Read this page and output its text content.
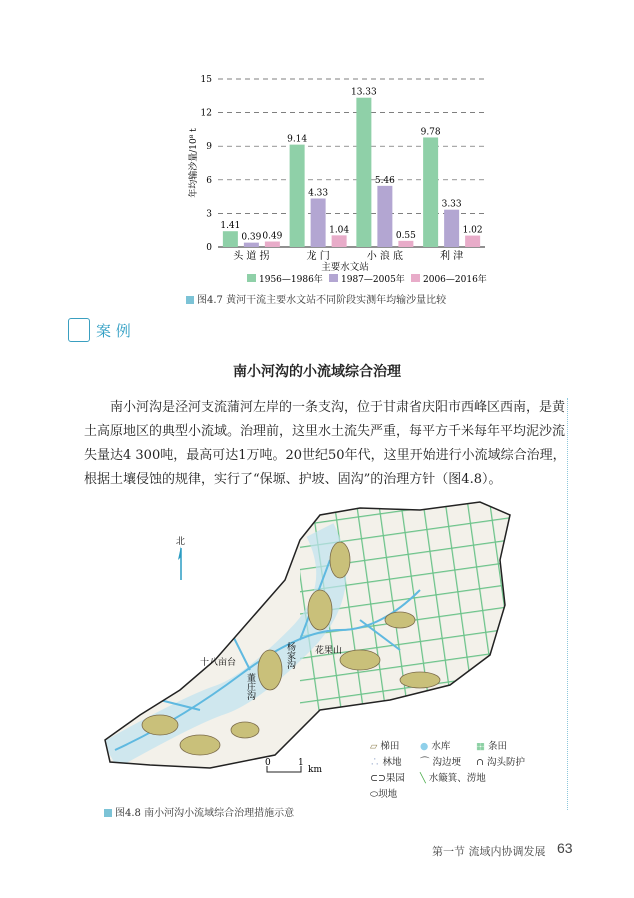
0
3
6
9
12
15
年均输沙量/10⁸ t
1.41
0.39 0.49
头 道 拐
9.14
4.33
1.04
龙 门
13.33
5.46
0.55
小 浪 底
9.78
3.33
1.02
利 津
主要水文站
1956—1986年 1987—2005年 2006—2016年
图4.7 黄河干流主要水文站不同阶段实测年均输沙量比较
案 例
南小河沟的小流域综合治理

南小河沟是泾河支流蒲河左岸的一条支沟，位于甘肃省庆阳市西峰区西南，是黄

土高原地区的典型小流域。治理前，这里水土流失严重，每平方千米每年平均泥沙流

失量达4 300吨，最高可达1万吨。20世纪50年代，这里开始进行小流域综合治理，

根据土壤侵蚀的规律，实行了“保塬、护坡、固沟”的治理方针（图4.8）。

北
十八亩台
董庄沟
杨家沟 花果山
0	1
km
▱ 梯田 ● 水库	▦ 条田
∴ 林地 ⌒ 沟边埂 ∩ 沟头防护
⊂⊃果园 ╲ 水簸箕、涝地
⬭坝地
图4.8 南小河沟小流域综合治理措施示意
第一节 流域内协调发展 63
